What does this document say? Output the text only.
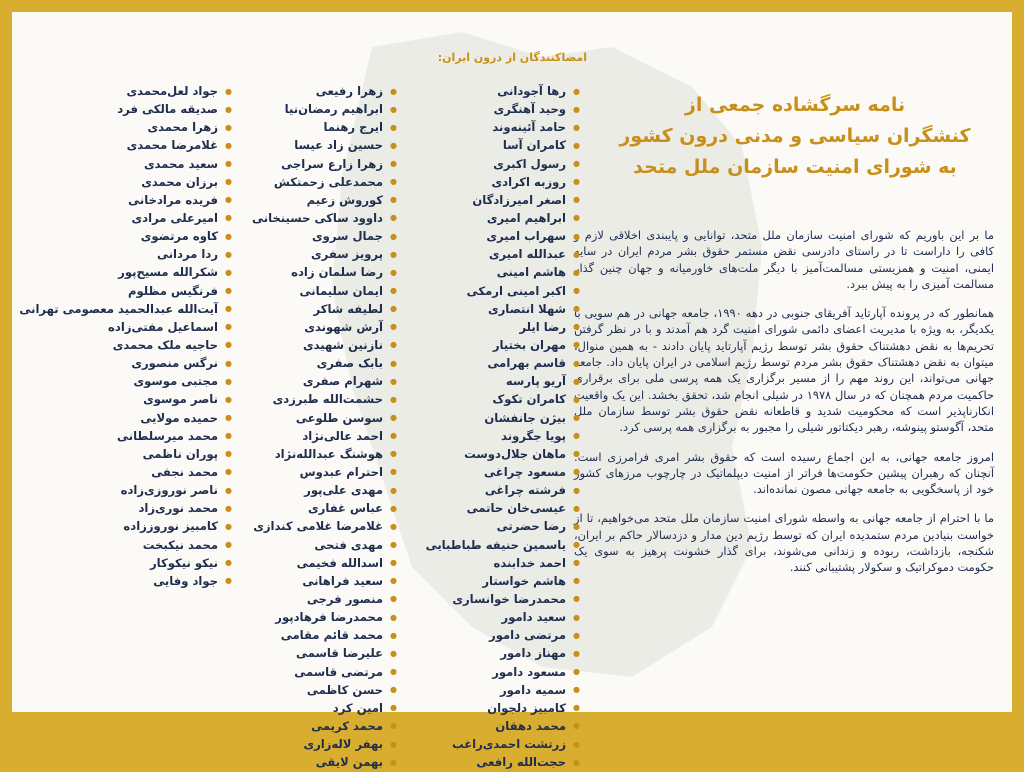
نامه سرگشاده جمعی از
کنشگران سیاسی و مدنی درون کشور
به شورای امنیت سازمان ملل متحد

ما بر این باوریم که شورای امنیت سازمان ملل متحد، توانایی و پایبندی اخلاقی لازم و کافی را داراست تا در راستای دادرسی نقض مستمر حقوق بشر مردم ایران در سایه ایمنی، امنیت و همزیستی مسالمت‌آمیز با دیگر ملت‌های خاورمیانه و جهان چنین گذار مسالمت آمیزی را به پیش ببرد.

همانطور که در پرونده آپارتاید آفریقای جنوبی در دهه ۱۹۹۰، جامعه جهانی در هم سویی با یکدیگر، به ویژه با مدیریت اعضای دائمی شورای امنیت گرد هم آمدند و با در نظر گرفتن تحریم‌ها به نقض دهشتناک حقوق بشر توسط رژیم آپارتاید پایان دادند - به همین منوال، میتوان به نقض دهشتناک حقوق بشر مردم توسط رژیم اسلامی در ایران پایان داد. جامعه جهانی می‌تواند، این روند مهم را از مسیر برگزاری یک همه پرسی ملی برای برقراری حاکمیت مردم همچنان که در سال ۱۹۷۸ در شیلی انجام شد، تحقق بخشد. این یک واقعیت انکارناپذیر است که محکومیت شدید و قاطعانه نقض حقوق بشر توسط سازمان ملل متحد، آگوستو پینوشه، رهبر دیکتاتور شیلی را مجبور به برگزاری همه پرسی کرد.

امروز جامعه جهانی، به این اجماع رسیده است که حقوق بشر امری فرامرزی است. آنچنان که رهبران پیشین حکومت‌ها فراتر از امنیت دیپلماتیک در چارچوب مرزهای کشور خود از پاسخگویی به جامعه جهانی مصون نمانده‌اند.

ما با احترام از جامعه جهانی به واسطه شورای امنیت سازمان ملل متحد می‌خواهیم، تا از خواست بنیادین مردم ستمدیده ایران که توسط رژیم دین مدار و دزدسالار حاکم بر ایران، شکنجه، بازداشت، ربوده و زندانی می‌شوند، برای گذار خشونت پرهیز به سوی یک حکومت دموکراتیک و سکولار پشتیبانی کنند.

امضاکنندگان از درون ایران:
● رها آجودانی
● وحید آهنگری
● حامد آئینه‌وند
● کامران آسا
● رسول اکبری
● روزبه اکرادی
● اصغر امیرزادگان
● ابراهیم امیری
● سهراب امیری
● عبدالله امیری
● هاشم امینی
● اکبر امینی ارمکی
● شهلا انتصاری
● رضا ایلر
● مهران بختیار
● قاسم بهرامی
● آریو پارسه
● کامران تکوک
● بیژن جانفشان
● پویا جگروند
● ماهان جلال‌دوست
● مسعود چراغی
● فرشته چراغی
● عیسی‌خان حاتمی
● رضا حضرتی
● یاسمین حنیفه طباطبایی
● احمد خدابنده
● هاشم خواستار
● محمدرضا خوانساری
● سعید دامور
● مرتضی دامور
● مهناز دامور
● مسعود دامور
● سمیه دامور
● کامبیز دلجوان
● محمد دهقان
● زرتشت احمدی‌راغب
● حجت‌الله رافعی
● زهرا رفیعی
● ابراهیم رمضان‌نیا
● ایرج رهنما
● حسین زاد عیسا
● زهرا زارع سراجی
● محمدعلی زحمتکش
● کوروش زعیم
● داوود ساکی حسینخانی
● جمال سروی
● پرویز سفری
● رضا سلمان زاده
● ایمان سلیمانی
● لطیفه شاکر
● آرش شهوندی
● نازنین شهیدی
● بابک صفری
● شهرام صفری
● حشمت‌الله طبرزدی
● سوسن طلوعی
● احمد عالی‌نژاد
● هوشنگ عبدالله‌نژاد
● احترام عبدوس
● مهدی علی‌پور
● عباس غفاری
● غلامرضا غلامی کندازی
● مهدی فتحی
● اسدالله فخیمی
● سعید فراهانی
● منصور فرجی
● محمدرضا فرهادپور
● محمد قائم مقامی
● علیرضا قاسمی
● مرتضی قاسمی
● حسن کاظمی
● امین کرد
● محمد کریمی
● بهفر لاله‌زاری
● بهمن لایقی
● جواد لعل‌محمدی
● صدیقه مالکی فرد
● زهرا محمدی
● غلامرضا محمدی
● سعید محمدی
● برزان محمدی
● فریده مرادخانی
● امیرعلی مرادی
● کاوه مرتضوی
● ردا مردانی
● شکرالله مسیح‌پور
● فرنگیس مظلوم
● آیت‌الله عبدالحمید معصومی تهرانی
● اسماعیل مفتی‌زاده
● حاجیه ملک محمدی
● نرگس منصوری
● مجتبی موسوی
● ناصر موسوی
● حمیده مولایی
● محمد میرسلطانی
● پوران ناظمی
● محمد نجفی
● ناصر نوروزی‌زاده
● محمد نوری‌زاد
● کامبیز نوروززاده
● محمد نیکبخت
● نیکو نیکوکار
● جواد وفایی
